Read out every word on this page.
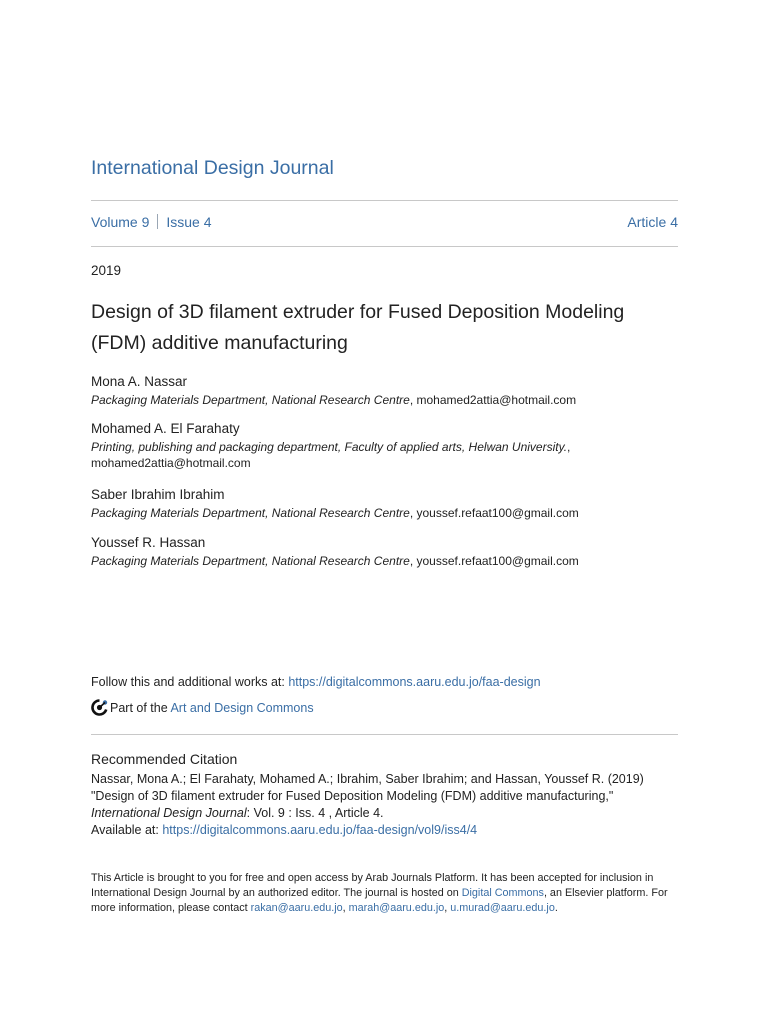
International Design Journal
Volume 9 Issue 4	Article 4
2019
Design of 3D filament extruder for Fused Deposition Modeling (FDM) additive manufacturing
Mona A. Nassar
Packaging Materials Department, National Research Centre, mohamed2attia@hotmail.com
Mohamed A. El Farahaty
Printing, publishing and packaging department, Faculty of applied arts, Helwan University., mohamed2attia@hotmail.com
Saber Ibrahim Ibrahim
Packaging Materials Department, National Research Centre, youssef.refaat100@gmail.com
Youssef R. Hassan
Packaging Materials Department, National Research Centre, youssef.refaat100@gmail.com
Follow this and additional works at: https://digitalcommons.aaru.edu.jo/faa-design
Part of the Art and Design Commons
Recommended Citation
Nassar, Mona A.; El Farahaty, Mohamed A.; Ibrahim, Saber Ibrahim; and Hassan, Youssef R. (2019)
"Design of 3D filament extruder for Fused Deposition Modeling (FDM) additive manufacturing,"
International Design Journal: Vol. 9 : Iss. 4 , Article 4.
Available at: https://digitalcommons.aaru.edu.jo/faa-design/vol9/iss4/4
This Article is brought to you for free and open access by Arab Journals Platform. It has been accepted for inclusion in International Design Journal by an authorized editor. The journal is hosted on Digital Commons, an Elsevier platform. For more information, please contact rakan@aaru.edu.jo, marah@aaru.edu.jo, u.murad@aaru.edu.jo.
